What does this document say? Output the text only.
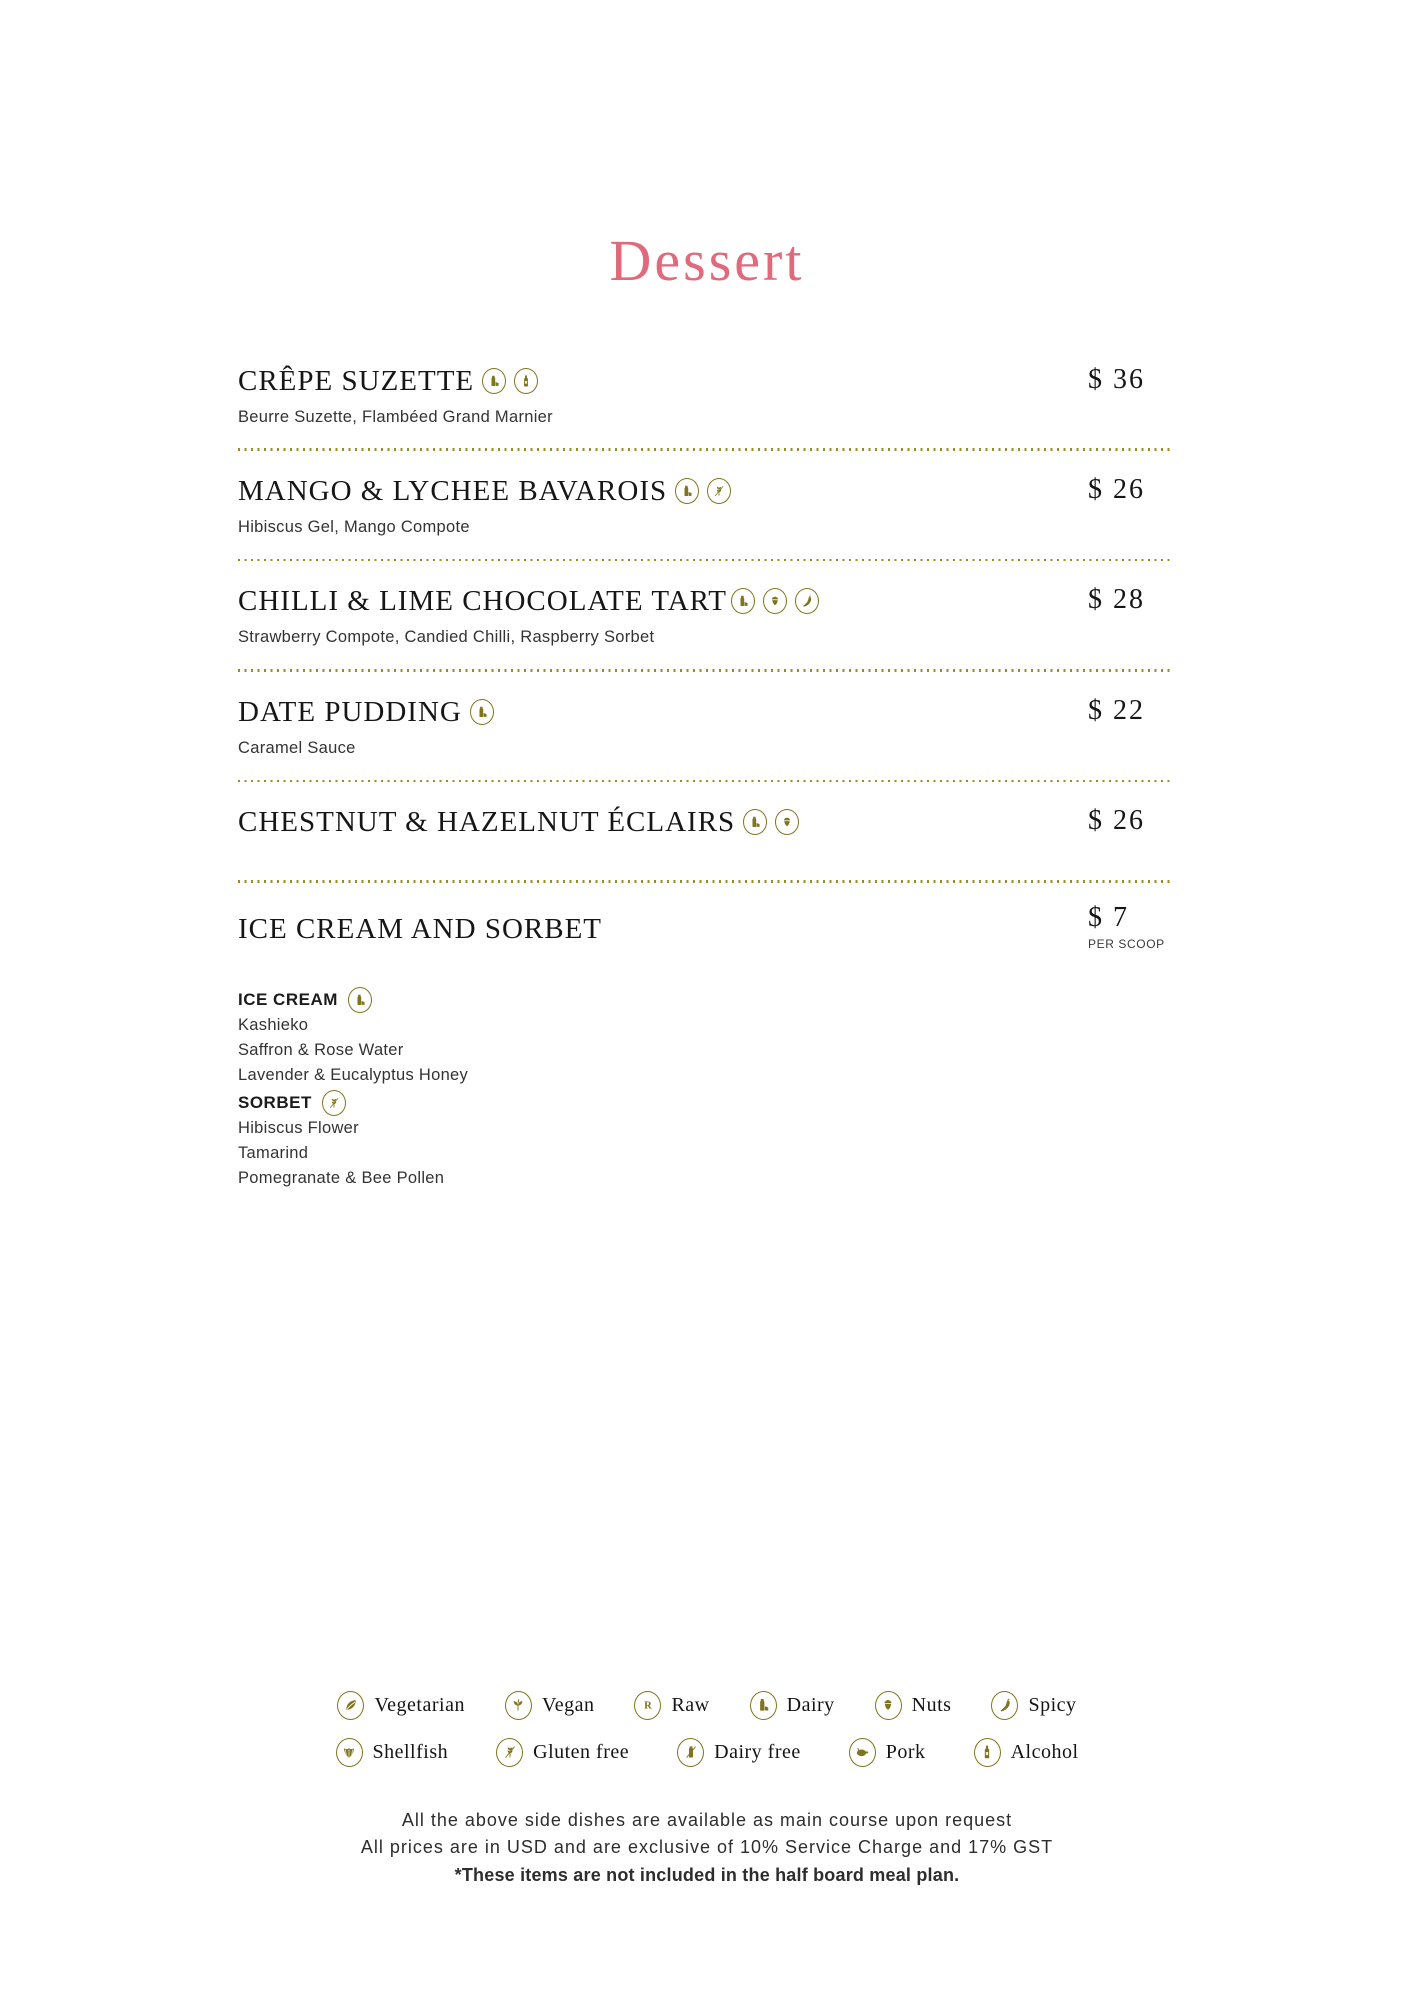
Dessert
CRÊPE SUZETTE
Beurre Suzette, Flambéed Grand Marnier
$ 36
MANGO & LYCHEE BAVAROIS
Hibiscus Gel, Mango Compote
$ 26
CHILLI & LIME CHOCOLATE TART
Strawberry Compote, Candied Chilli, Raspberry Sorbet
$ 28
DATE PUDDING
Caramel Sauce
$ 22
CHESTNUT & HAZELNUT ÉCLAIRS	$ 26
ICE CREAM AND SORBET	$ 7
PER SCOOP
ICE CREAM
Kashieko
Saffron & Rose Water
Lavender & Eucalyptus Honey
SORBET
Hibiscus Flower
Tamarind
Pomegranate & Bee Pollen
Vegetarian	Vegan	R Raw	Dairy	Nuts	Spicy
Shellfish	Gluten free	Dairy free	Pork	Alcohol
All the above side dishes are available as main course upon request
All prices are in USD and are exclusive of 10% Service Charge and 17% GST
*These items are not included in the half board meal plan.
